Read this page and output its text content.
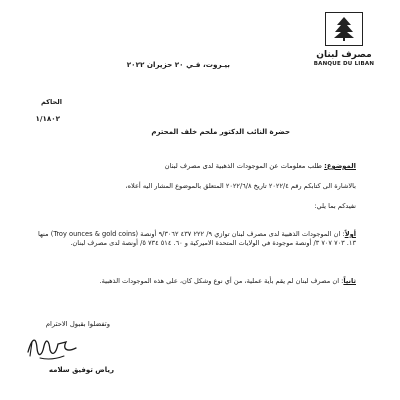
مصرف لبنان
BANQUE DU LIBAN
بيـروت، فـي ٢٠ حزيران ٢٠٢٢
الحاكم
١/١٨٠٢
حضرة النائب الدكتور ملحم خلف المحترم
الموضوع: طلب معلومات عن الموجودات الذهبية لدى مصرف لبنان
بالاشارة الى كتابكم رقم ٢٠٢٢/٤ تاريخ ٢٠٢٢/٦/٨ المتعلق بالموضوع المشار اليه أعلاه،
نفيدكم بما يلي:
أولاً: ان الموجودات الذهبية لدى مصرف لبنان توازي ٩/ ٢٢٢ ٤٣٧ ٩/٣٠٦٢ أونصة (Troy ounces & gold coins) منها ١٣. ٧٠٣ ٧٠٧ ٣/ أونصة موجودة في الولايات المتحدة الاميركية و ٦٠. ٥١٤ ٧٣٤ ٥/ أونصة لدى مصرف لبنان.
ثانياً: ان مصرف لبنان لم يقم بأية عملية، من أي نوع وشكل كان، على هذه الموجودات الذهبية.
وتفضلوا بقبول الاحترام
رياض توفيق سلامه
